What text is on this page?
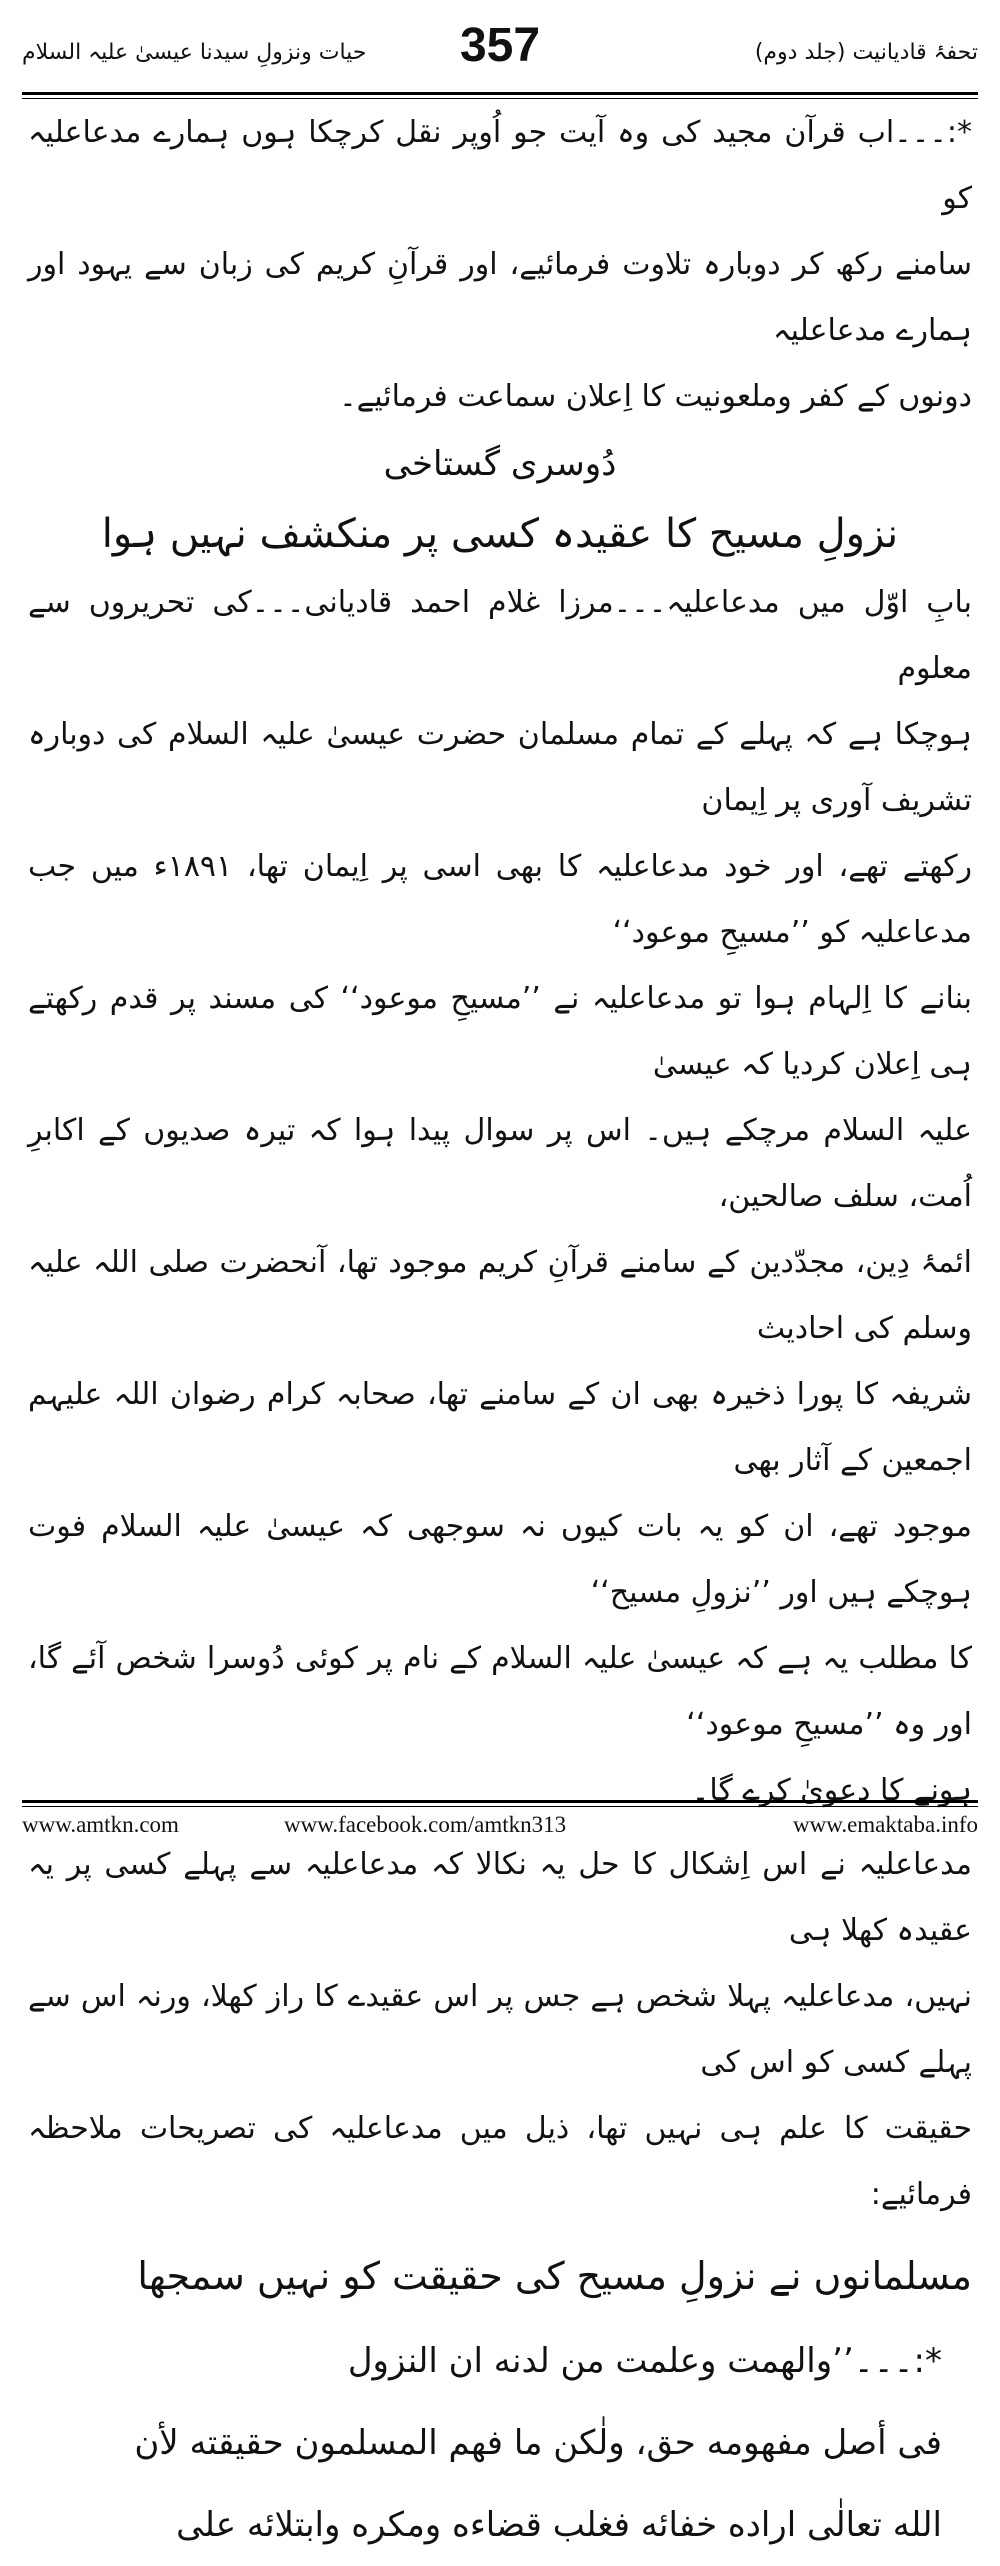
تحفۂ قادیانیت (جلد دوم)
357
حیات ونزولِ سیدنا عیسیٰ علیہ السلام

*:۔۔۔اب قرآن مجید کی وہ آیت جو اُوپر نقل کرچکا ہوں ہمارے مدعاعلیہ کو

سامنے رکھ کر دوبارہ تلاوت فرمائیے، اور قرآنِ کریم کی زبان سے یہود اور ہمارے مدعاعلیہ

دونوں کے کفر وملعونیت کا اِعلان سماعت فرمائیے۔

دُوسری گستاخی

نزولِ مسیح کا عقیدہ کسی پر منکشف نہیں ہوا

بابِ اوّل میں مدعاعلیہ۔۔۔مرزا غلام احمد قادیانی۔۔۔کی تحریروں سے معلوم

ہوچکا ہے کہ پہلے کے تمام مسلمان حضرت عیسیٰ علیہ السلام کی دوبارہ تشریف آوری پر اِیمان

رکھتے تھے، اور خود مدعاعلیہ کا بھی اسی پر اِیمان تھا، ۱۸۹۱ء میں جب مدعاعلیہ کو ’’مسیحِ موعود‘‘

بنانے کا اِلہام ہوا تو مدعاعلیہ نے ’’مسیحِ موعود‘‘ کی مسند پر قدم رکھتے ہی اِعلان کردیا کہ عیسیٰ

علیہ السلام مرچکے ہیں۔ اس پر سوال پیدا ہوا کہ تیرہ صدیوں کے اکابرِ اُمت، سلف صالحین،

ائمۂ دِین، مجدّدین کے سامنے قرآنِ کریم موجود تھا، آنحضرت صلی اللہ علیہ وسلم کی احادیث

شریفہ کا پورا ذخیرہ بھی ان کے سامنے تھا، صحابہ کرام رضوان اللہ علیہم اجمعین کے آثار بھی

موجود تھے، ان کو یہ بات کیوں نہ سوجھی کہ عیسیٰ علیہ السلام فوت ہوچکے ہیں اور ’’نزولِ مسیح‘‘

کا مطلب یہ ہے کہ عیسیٰ علیہ السلام کے نام پر کوئی دُوسرا شخص آئے گا، اور وہ ’’مسیحِ موعود‘‘

ہونے کا دعویٰ کرے گا۔

مدعاعلیہ نے اس اِشکال کا حل یہ نکالا کہ مدعاعلیہ سے پہلے کسی پر یہ عقیدہ کھلا ہی

نہیں، مدعاعلیہ پہلا شخص ہے جس پر اس عقیدے کا راز کھلا، ورنہ اس سے پہلے کسی کو اس کی

حقیقت کا علم ہی نہیں تھا، ذیل میں مدعاعلیہ کی تصریحات ملاحظہ فرمائیے:

مسلمانوں نے نزولِ مسیح کی حقیقت کو نہیں سمجھا

*:۔۔۔’’والهمت وعلمت من لدنه ان النزول

فی أصل مفهومه حق، ولٰکن ما فهم المسلمون حقيقته لأن

الله تعالٰی اراده خفائه فغلب قضاءه ومکره وابتلائه علی

www.amtkn.com	www.facebook.com/amtkn313	www.emaktaba.info
